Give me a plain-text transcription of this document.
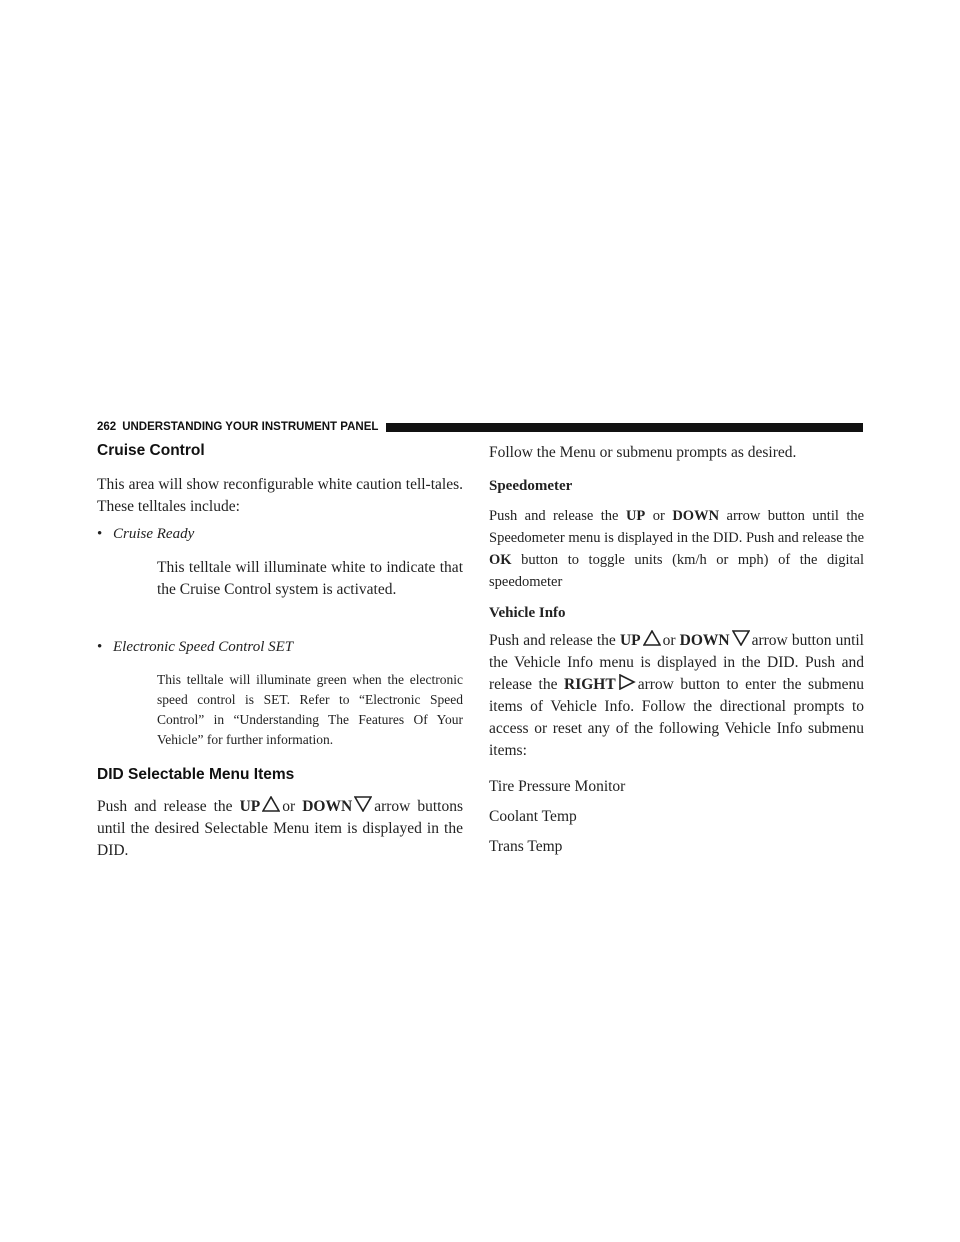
262 UNDERSTANDING YOUR INSTRUMENT PANEL
Cruise Control

This area will show reconfigurable white caution tell-tales. These telltales include:

• Cruise Ready

This telltale will illuminate white to indicate that the Cruise Control system is activated.

• Electronic Speed Control SET

This telltale will illuminate green when the electronic speed control is SET. Refer to “Electronic Speed Control” in “Understanding The Features Of Your Vehicle” for further information.

DID Selectable Menu Items

Push and release the UP or DOWN arrow buttons until the desired Selectable Menu item is displayed in the DID.

Follow the Menu or submenu prompts as desired.

Speedometer

Push and release the UP or DOWN arrow button until the Speedometer menu is displayed in the DID. Push and release the OK button to toggle units (km/h or mph) of the digital speedometer

Vehicle Info

Push and release the UP or DOWN arrow button until the Vehicle Info menu is displayed in the DID. Push and release the RIGHT arrow button to enter the submenu items of Vehicle Info. Follow the directional prompts to access or reset any of the following Vehicle Info submenu items:

Tire Pressure Monitor

Coolant Temp

Trans Temp
